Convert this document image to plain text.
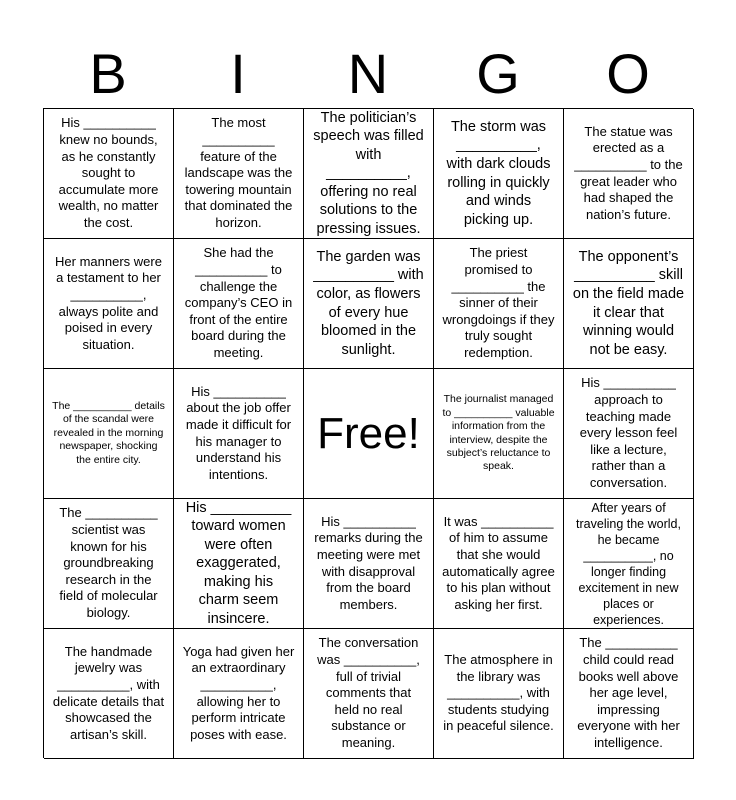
B	I	N	G	O
His __________ knew no bounds, as he constantly sought to accumulate more wealth, no matter the cost.
The most __________ feature of the landscape was the towering mountain that dominated the horizon.
The politician’s speech was filled with __________, offering no real solutions to the pressing issues.
The storm was __________, with dark clouds rolling in quickly and winds picking up.
The statue was erected as a __________ to the great leader who had shaped the nation’s future.
Her manners were a testament to her __________, always polite and poised in every situation.
She had the __________ to challenge the company’s CEO in front of the entire board during the meeting.
The garden was __________ with color, as flowers of every hue bloomed in the sunlight.
The priest promised to __________ the sinner of their wrongdoings if they truly sought redemption.
The opponent’s __________ skill on the field made it clear that winning would not be easy.
The __________ details of the scandal were revealed in the morning newspaper, shocking the entire city.
His __________ about the job offer made it difficult for his manager to understand his intentions.
Free!
The journalist managed to __________ valuable information from the interview, despite the subject’s reluctance to speak.
His __________ approach to teaching made every lesson feel like a lecture, rather than a conversation.
The __________ scientist was known for his groundbreaking research in the field of molecular biology.
His __________ toward women were often exaggerated, making his charm seem insincere.
His __________ remarks during the meeting were met with disapproval from the board members.
It was __________ of him to assume that she would automatically agree to his plan without asking her first.
After years of traveling the world, he became __________, no longer finding excitement in new places or experiences.
The handmade jewelry was __________, with delicate details that showcased the artisan’s skill.
Yoga had given her an extraordinary __________, allowing her to perform intricate poses with ease.
The conversation was __________, full of trivial comments that held no real substance or meaning.
The atmosphere in the library was __________, with students studying in peaceful silence.
The __________ child could read books well above her age level, impressing everyone with her intelligence.
